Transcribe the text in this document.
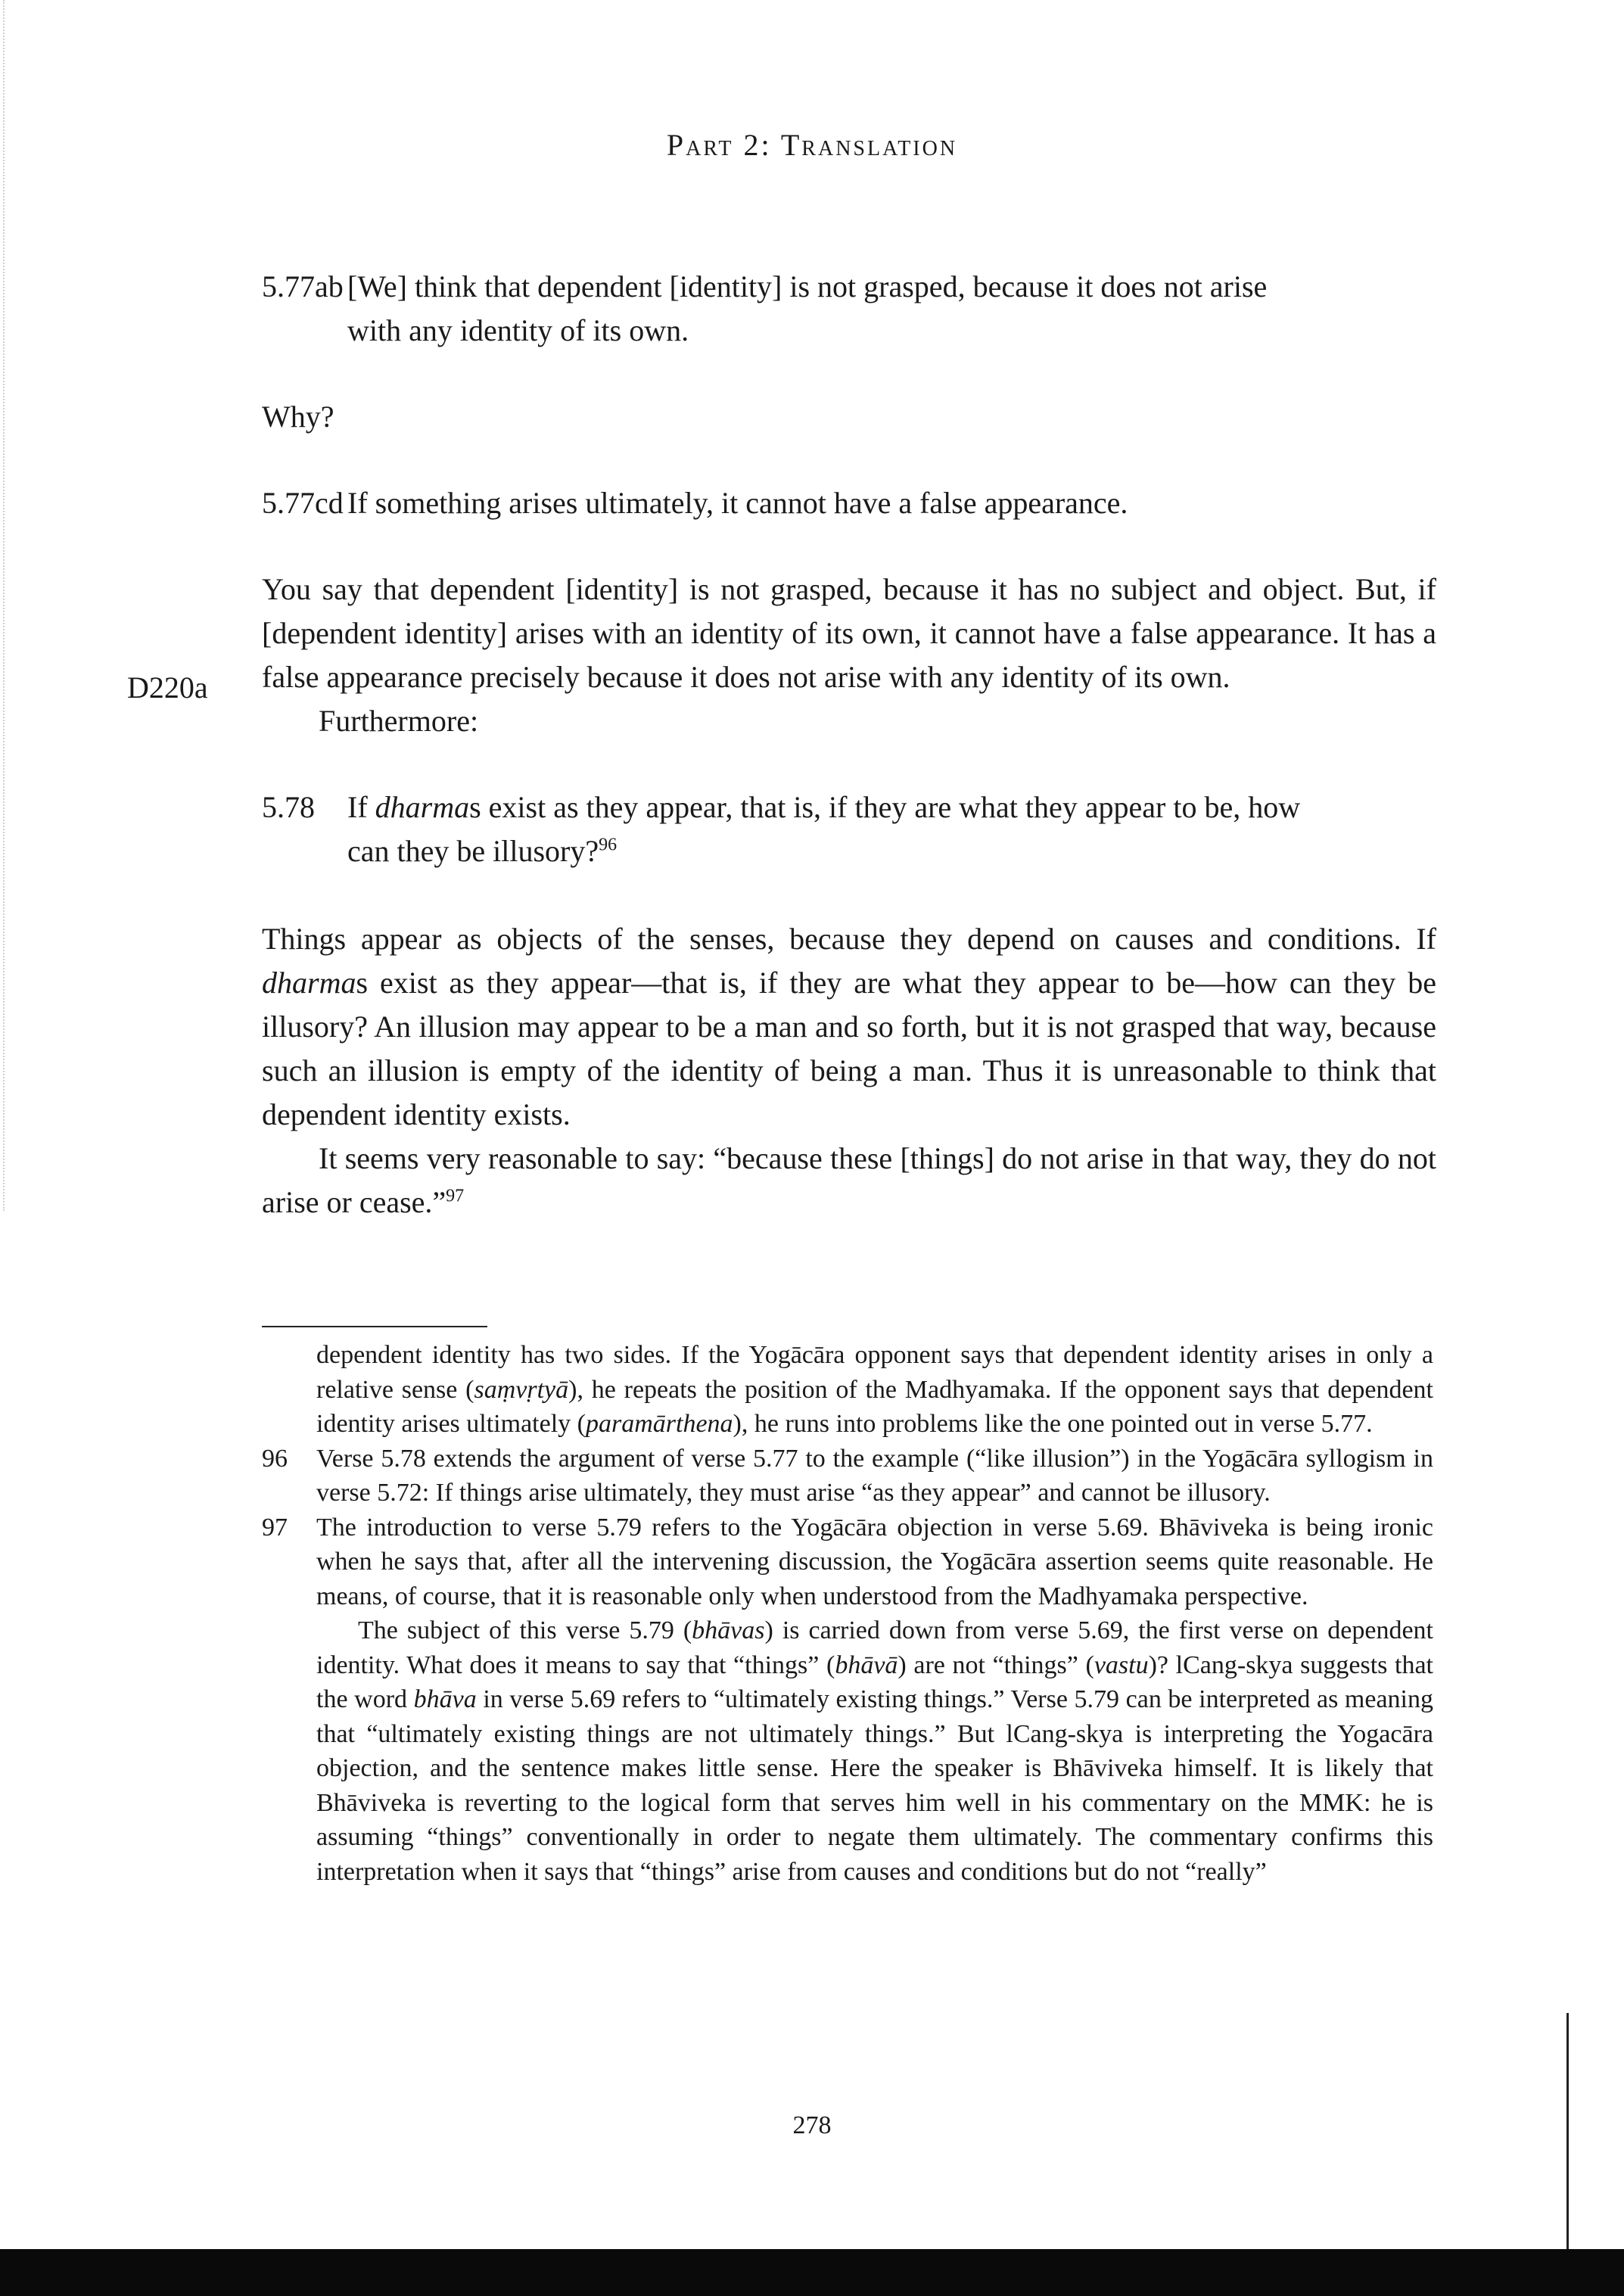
Part 2: Translation
D220a

5.77ab [We] think that dependent [identity] is not grasped, because it does not arise with any identity of its own.

Why?

5.77cd If something arises ultimately, it cannot have a false appearance.

You say that dependent [identity] is not grasped, because it has no subject and object. But, if [dependent identity] arises with an identity of its own, it cannot have a false appearance. It has a false appearance precisely because it does not arise with any identity of its own.

Furthermore:

5.78 If dharmas exist as they appear, that is, if they are what they appear to be, how can they be illusory?$^{96}$

Things appear as objects of the senses, because they depend on causes and conditions. If dharmas exist as they appear—that is, if they are what they appear to be—how can they be illusory? An illusion may appear to be a man and so forth, but it is not grasped that way, because such an illusion is empty of the identity of being a man. Thus it is unreasonable to think that dependent identity exists.

It seems very reasonable to say: “because these [things] do not arise in that way, they do not arise or cease.”$^{97}$

dependent identity has two sides. If the Yogācāra opponent says that dependent identity arises in only a relative sense (saṃvṛtyā), he repeats the position of the Madhyamaka. If the opponent says that dependent identity arises ultimately (paramārthena), he runs into problems like the one pointed out in verse 5.77.

96 Verse 5.78 extends the argument of verse 5.77 to the example (“like illusion”) in the Yogācāra syllogism in verse 5.72: If things arise ultimately, they must arise “as they appear” and cannot be illusory.

97 The introduction to verse 5.79 refers to the Yogācāra objection in verse 5.69. Bhāviveka is being ironic when he says that, after all the intervening discussion, the Yogācāra assertion seems quite reasonable. He means, of course, that it is reasonable only when understood from the Madhyamaka perspective.

The subject of this verse 5.79 (bhāvas) is carried down from verse 5.69, the first verse on dependent identity. What does it means to say that “things” (bhāvā) are not “things” (vastu)? lCang-skya suggests that the word bhāva in verse 5.69 refers to “ultimately existing things.” Verse 5.79 can be interpreted as meaning that “ultimately existing things are not ultimately things.” But lCang-skya is interpreting the Yogacāra objection, and the sentence makes little sense. Here the speaker is Bhāviveka himself. It is likely that Bhāviveka is reverting to the logical form that serves him well in his commentary on the MMK: he is assuming “things” conventionally in order to negate them ultimately. The commentary confirms this interpretation when it says that “things” arise from causes and conditions but do not “really”

278
